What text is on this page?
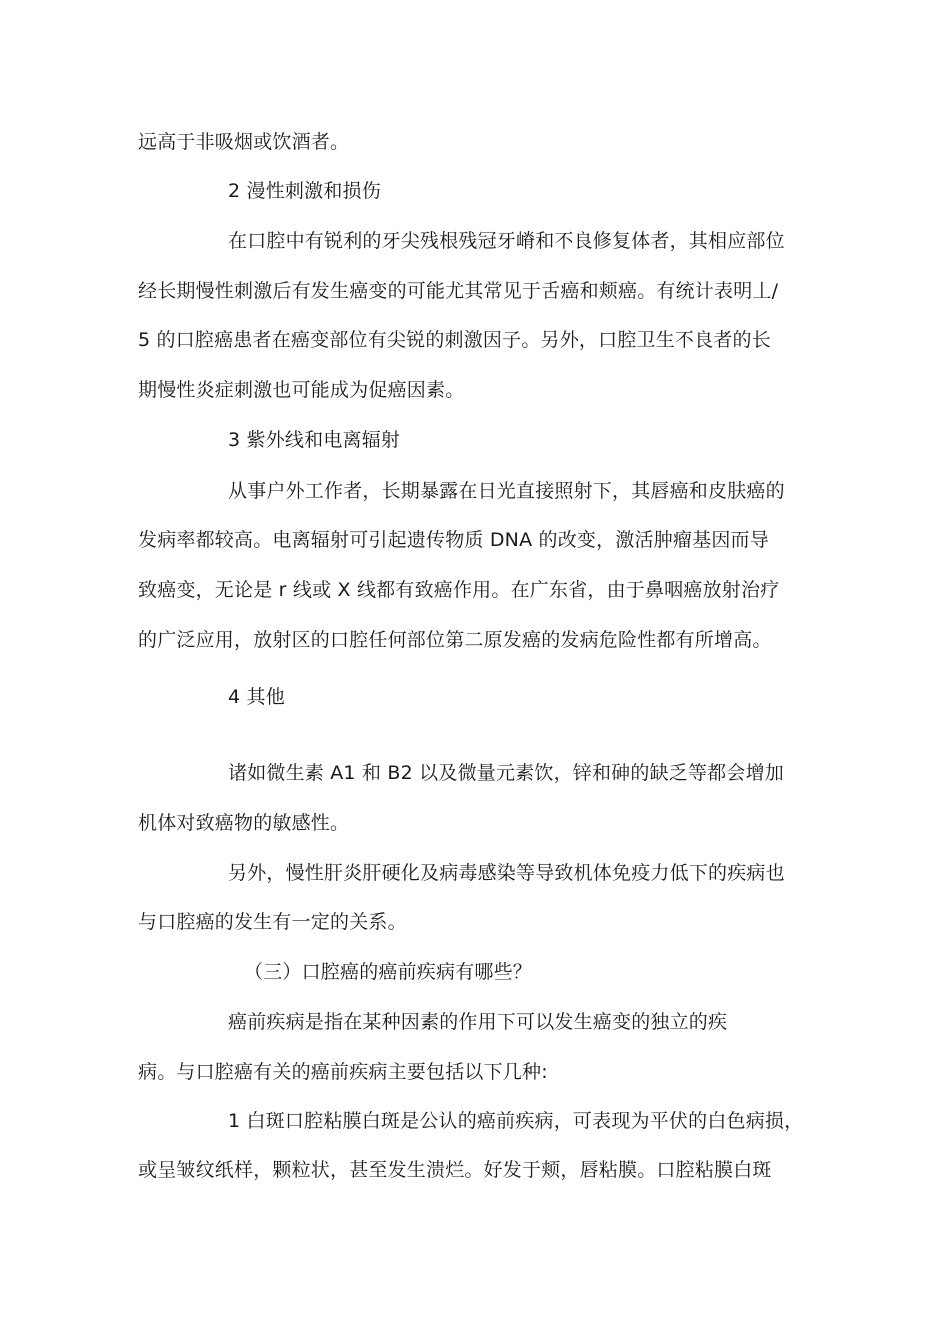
远高于非吸烟或饮酒者。
2 漫性刺激和损伤
在口腔中有锐利的牙尖残根残冠牙嵴和不良修复体者，其相应部位
经长期慢性刺激后有发生癌变的可能尤其常见于舌癌和颊癌。有统计表明丄/
5 的口腔癌患者在癌变部位有尖锐的刺激因子。另外，口腔卫生不良者的长
期慢性炎症刺激也可能成为促癌因素。
3 紫外线和电离辐射
从事户外工作者，长期暴露在日光直接照射下，其唇癌和皮肤癌的
发病率都较高。电离辐射可引起遗传物质 DNA 的改变，激活肿瘤基因而导
致癌变，无论是 r 线或 X 线都有致癌作用。在广东省，由于鼻咽癌放射治疗
的广泛应用，放射区的口腔任何部位第二原发癌的发病危险性都有所增高。
4 其他
诸如微生素 A1 和 B2 以及微量元素饮，锌和砷的缺乏等都会增加
机体对致癌物的敏感性。
另外，慢性肝炎肝硬化及病毒感染等导致机体免疫力低下的疾病也
与口腔癌的发生有一定的关系。
（三）口腔癌的癌前疾病有哪些？
癌前疾病是指在某种因素的作用下可以发生癌变的独立的疾
病。与口腔癌有关的癌前疾病主要包括以下几种:
1 白斑口腔粘膜白斑是公认的癌前疾病，可表现为平伏的白色病损，
或呈皱纹纸样，颗粒状，甚至发生溃烂。好发于颊，唇粘膜。口腔粘膜白斑
